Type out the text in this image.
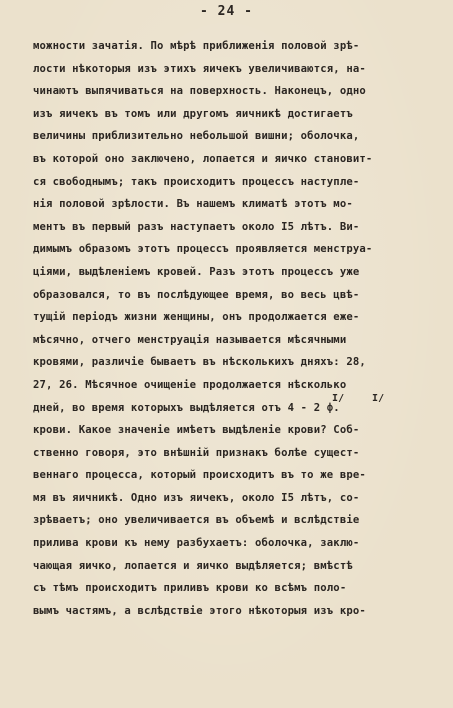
- 24 -
можности зачатія. По мѣрѣ приближенія половой зрѣ-
лости нѣкоторыя изъ этихъ яичекъ увеличиваются, на-
чинаютъ выпячиваться на поверхность. Наконецъ, одно
изъ яичекъ въ томъ или другомъ яичникѣ достигаетъ
величины приблизительно небольшой вишни; оболочка,
въ которой оно заключено, лопается и яичко становит-
ся свободнымъ; такъ происходитъ процессъ наступле-
нія половой зрѣлости. Въ нашемъ климатѣ этотъ мо-
ментъ въ первый разъ наступаетъ около I5 лѣтъ. Ви-
димымъ образомъ этотъ процессъ проявляется менструа-
ціями, выдѣленіемъ кровей. Разъ этотъ процессъ уже
образовался, то въ послѣдующее время, во весь цвѣ-
тущій періодъ жизни женщины, онъ продолжается еже-
мѣсячно, отчего менструація называется мѣсячными
кровями, различіе бываетъ въ нѣсколькихъ дняхъ: 28,
27, 26. Мѣсячное очищеніе продолжается нѣсколько
I/	I/
дней, во время которыхъ выдѣляется отъ 4 - 2 ф.
крови. Какое значеніе имѣетъ выдѣленіе крови? Соб-
ственно говоря, это внѣшній признакъ болѣе сущест-
веннаго процесса, который происходитъ въ то же вре-
мя въ яичникѣ. Одно изъ яичекъ, около I5 лѣтъ, со-
зрѣваетъ; оно увеличивается въ объемѣ и вслѣдствіе
прилива крови къ нему разбухаетъ: оболочка, заклю-
чающая яичко, лопается и яичко выдѣляется; вмѣстѣ
съ тѣмъ происходитъ приливъ крови ко всѣмъ поло-
вымъ частямъ, а вслѣдствіе этого нѣкоторыя изъ кро-
